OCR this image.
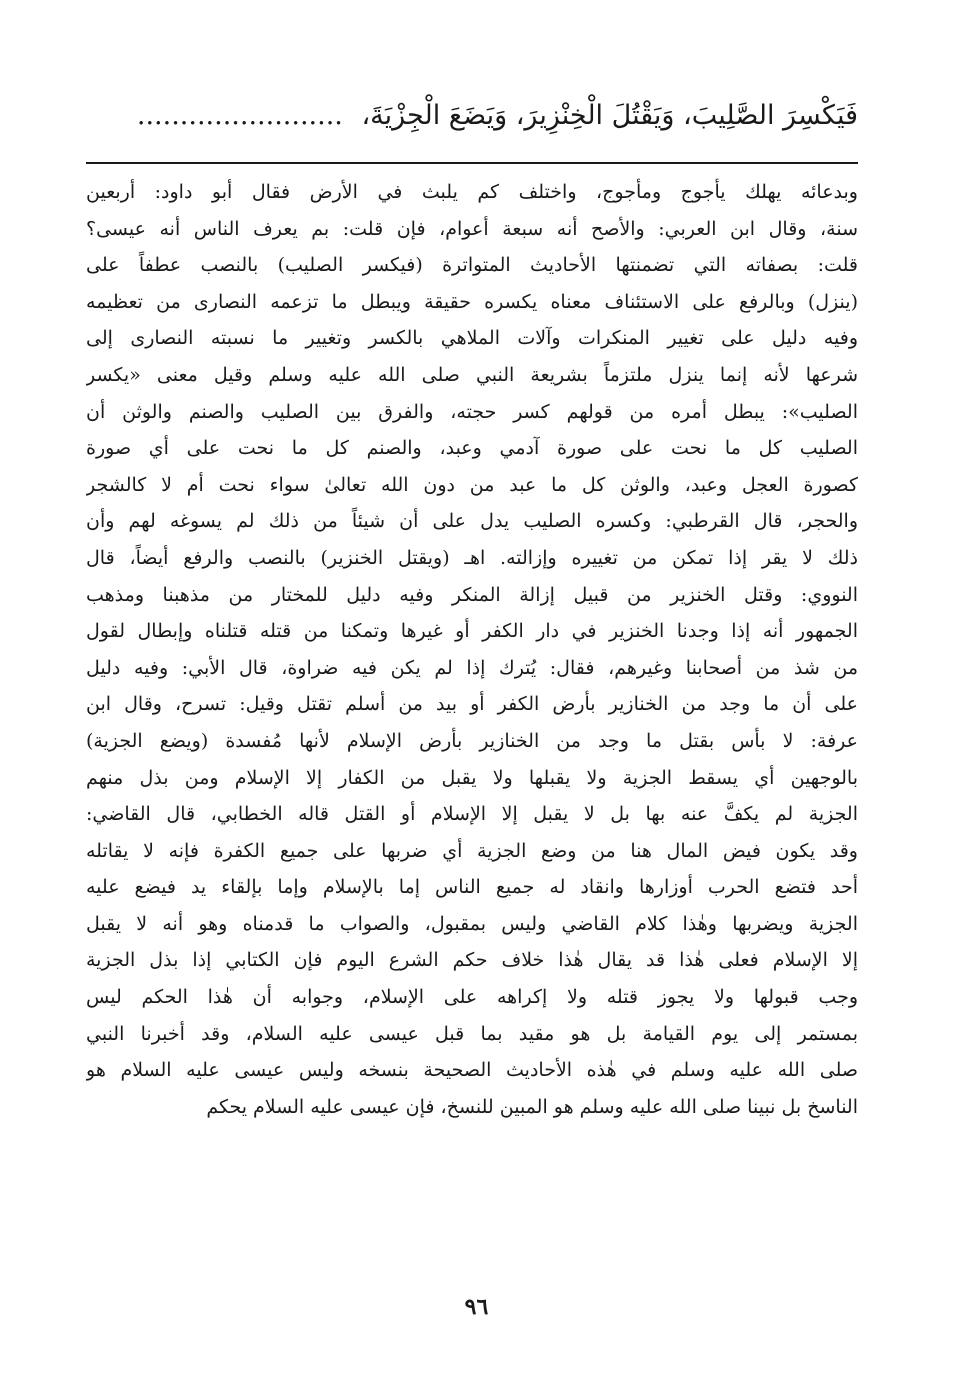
فَيَكْسِرَ الصَّلِيبَ، وَيَقْتُلَ الْخِنْزِيرَ، وَيَضَعَ الْجِزْيَةَ، ........................
وبدعائه يهلك يأجوج ومأجوج، واختلف كم يلبث في الأرض فقال أبو داود: أربعين
سنة، وقال ابن العربي: والأصح أنه سبعة أعوام، فإن قلت: بم يعرف الناس أنه عيسى؟
قلت: بصفاته التي تضمنتها الأحاديث المتواترة (فيكسر الصليب) بالنصب عطفاً على
(ينزل) وبالرفع على الاستئناف معناه يكسره حقيقة ويبطل ما تزعمه النصارى من تعظيمه
وفيه دليل على تغيير المنكرات وآلات الملاهي بالكسر وتغيير ما نسبته النصارى إلى
شرعها لأنه إنما ينزل ملتزماً بشريعة النبي صلى الله عليه وسلم وقيل معنى «يكسر
الصليب»: يبطل أمره من قولهم كسر حجته، والفرق بين الصليب والصنم والوثن أن
الصليب كل ما نحت على صورة آدمي وعبد، والصنم كل ما نحت على أي صورة
كصورة العجل وعبد، والوثن كل ما عبد من دون الله تعالىٰ سواء نحت أم لا كالشجر
والحجر، قال القرطبي: وكسره الصليب يدل على أن شيئاً من ذلك لم يسوغه لهم وأن
ذلك لا يقر إذا تمكن من تغييره وإزالته. اهـ (ويقتل الخنزير) بالنصب والرفع أيضاً، قال
النووي: وقتل الخنزير من قبيل إزالة المنكر وفيه دليل للمختار من مذهبنا ومذهب
الجمهور أنه إذا وجدنا الخنزير في دار الكفر أو غيرها وتمكنا من قتله قتلناه وإبطال لقول
من شذ من أصحابنا وغيرهم، فقال: يُترك إذا لم يكن فيه ضراوة، قال الأبي: وفيه دليل
على أن ما وجد من الخنازير بأرض الكفر أو بيد من أسلم تقتل وقيل: تسرح، وقال ابن
عرفة: لا بأس بقتل ما وجد من الخنازير بأرض الإسلام لأنها مُفسدة (ويضع الجزية)
بالوجهين أي يسقط الجزية ولا يقبلها ولا يقبل من الكفار إلا الإسلام ومن بذل منهم
الجزية لم يكفَّ عنه بها بل لا يقبل إلا الإسلام أو القتل قاله الخطابي، قال القاضي:
وقد يكون فيض المال هنا من وضع الجزية أي ضربها على جميع الكفرة فإنه لا يقاتله
أحد فتضع الحرب أوزارها وانقاد له جميع الناس إما بالإسلام وإما بإلقاء يد فيضع عليه
الجزية ويضربها وهٰذا كلام القاضي وليس بمقبول، والصواب ما قدمناه وهو أنه لا يقبل
إلا الإسلام فعلى هٰذا قد يقال هٰذا خلاف حكم الشرع اليوم فإن الكتابي إذا بذل الجزية
وجب قبولها ولا يجوز قتله ولا إكراهه على الإسلام، وجوابه أن هٰذا الحكم ليس
بمستمر إلى يوم القيامة بل هو مقيد بما قبل عيسى عليه السلام، وقد أخبرنا النبي
صلى الله عليه وسلم في هٰذه الأحاديث الصحيحة بنسخه وليس عيسى عليه السلام هو
الناسخ بل نبينا صلى الله عليه وسلم هو المبين للنسخ، فإن عيسى عليه السلام يحكم
٩٦
